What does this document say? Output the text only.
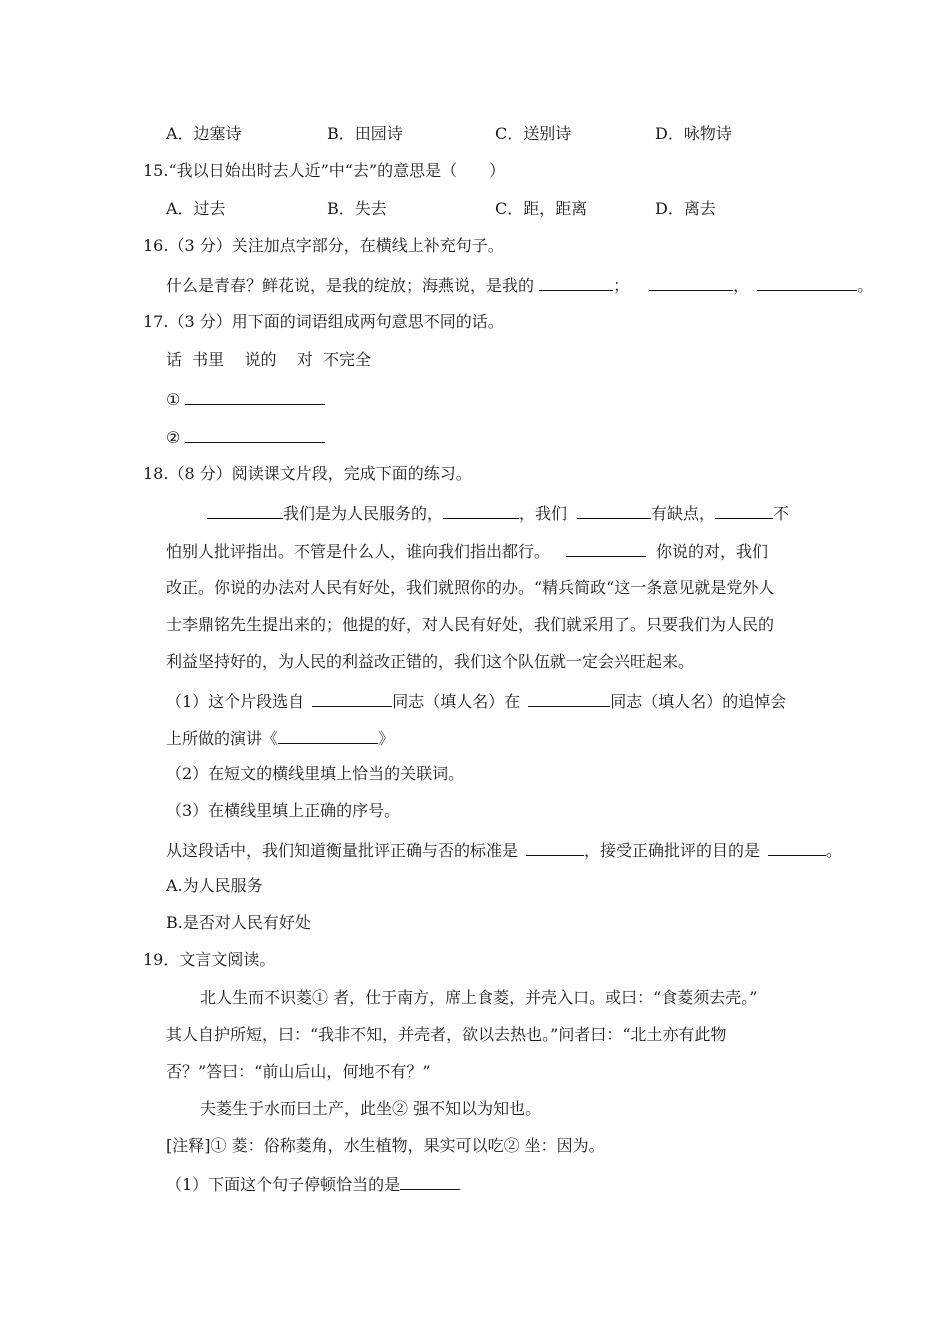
A．边塞诗	B．田园诗	C．送别诗	D．咏物诗
15.“我以日始出时去人近”中“去”的意思是（　　）
A．过去	B．失去	C．距，距离	D．离去
16.（3 分）关注加点字部分，在横线上补充句子。
什么是青春？鲜花说，是我的绽放；海燕说，是我的	；	，	。
17.（3 分）用下面的词语组成两句意思不同的话。
话  书里    说的    对  不完全
①
②
18.（8 分）阅读课文片段，完成下面的练习。
我们是为人民服务的，	，我们	有缺点，	不
怕别人批评指出。不管是什么人，谁向我们指出都行。	你说的对，我们
改正。你说的办法对人民有好处，我们就照你的办。“精兵简政“这一条意见就是党外人
士李鼎铭先生提出来的；他提的好，对人民有好处，我们就采用了。只要我们为人民的
利益坚持好的，为人民的利益改正错的，我们这个队伍就一定会兴旺起来。
（1）这个片段选自	同志（填人名）在	同志（填人名）的追悼会
上所做的演讲《	》
（2）在短文的横线里填上恰当的关联词。
（3）在横线里填上正确的序号。
从这段话中，我们知道衡量批评正确与否的标准是	，接受正确批评的目的是	。
A.为人民服务
B.是否对人民有好处
19．文言文阅读。
北人生而不识菱① 者，仕于南方，席上食菱，并壳入口。或曰：“食菱须去壳。”
其人自护所短，曰：“我非不知，并壳者，欲以去热也。”问者曰：“北土亦有此物
否？”答曰：“前山后山，何地不有？”
夫菱生于水而曰土产，此坐② 强不知以为知也。
[注释]① 菱：俗称菱角，水生植物，果实可以吃② 坐：因为。
（1）下面这个句子停顿恰当的是
